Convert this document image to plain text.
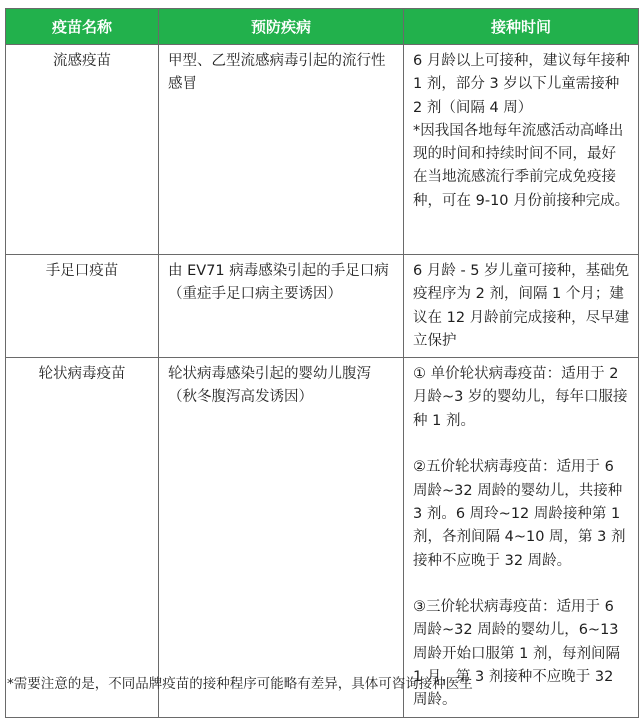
疫苗名称	预防疾病	接种时间
流感疫苗	甲型、乙型流感病毒引起的流行性感冒	6 月龄以上可接种，建议每年接种 1 剂，部分 3 岁以下儿童需接种 2 剂（间隔 4 周）
*因我国各地每年流感活动高峰出现的时间和持续时间不同，最好在当地流感流行季前完成免疫接种，可在 9-10 月份前接种完成。

手足口疫苗	由 EV71 病毒感染引起的手足口病（重症手足口病主要诱因）	6 月龄 - 5 岁儿童可接种，基础免疫程序为 2 剂，间隔 1 个月；建议在 12 月龄前完成接种，尽早建立保护

轮状病毒疫苗	轮状病毒感染引起的婴幼儿腹泻（秋冬腹泻高发诱因）	① 单价轮状病毒疫苗：适用于 2 月龄~3 岁的婴幼儿，每年口服接种 1 剂。
②五价轮状病毒疫苗：适用于 6 周龄~32 周龄的婴幼儿，共接种 3 剂。6 周玲~12 周龄接种第 1 剂，各剂间隔 4~10 周，第 3 剂接种不应晚于 32 周龄。
③三价轮状病毒疫苗：适用于 6 周龄~32 周龄的婴幼儿，6~13 周龄开始口服第 1 剂，每剂间隔 1 月，第 3 剂接种不应晚于 32 周龄。
*需要注意的是，不同品牌疫苗的接种程序可能略有差异，具体可咨询接种医生
